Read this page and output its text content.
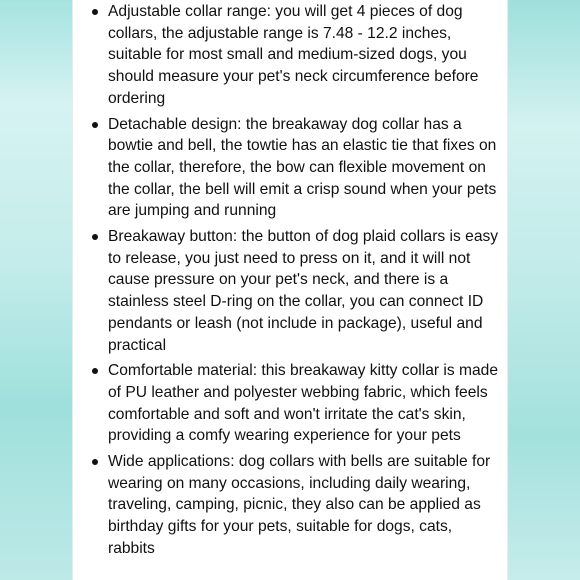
Adjustable collar range: you will get 4 pieces of dog collars, the adjustable range is 7.48 - 12.2 inches, suitable for most small and medium-sized dogs, you should measure your pet's neck circumference before ordering
Detachable design: the breakaway dog collar has a bowtie and bell, the towtie has an elastic tie that fixes on the collar, therefore, the bow can flexible movement on the collar, the bell will emit a crisp sound when your pets are jumping and running
Breakaway button: the button of dog plaid collars is easy to release, you just need to press on it, and it will not cause pressure on your pet's neck, and there is a stainless steel D-ring on the collar, you can connect ID pendants or leash (not include in package), useful and practical
Comfortable material: this breakaway kitty collar is made of PU leather and polyester webbing fabric, which feels comfortable and soft and won't irritate the cat's skin, providing a comfy wearing experience for your pets
Wide applications: dog collars with bells are suitable for wearing on many occasions, including daily wearing, traveling, camping, picnic, they also can be applied as birthday gifts for your pets, suitable for dogs, cats, rabbits
